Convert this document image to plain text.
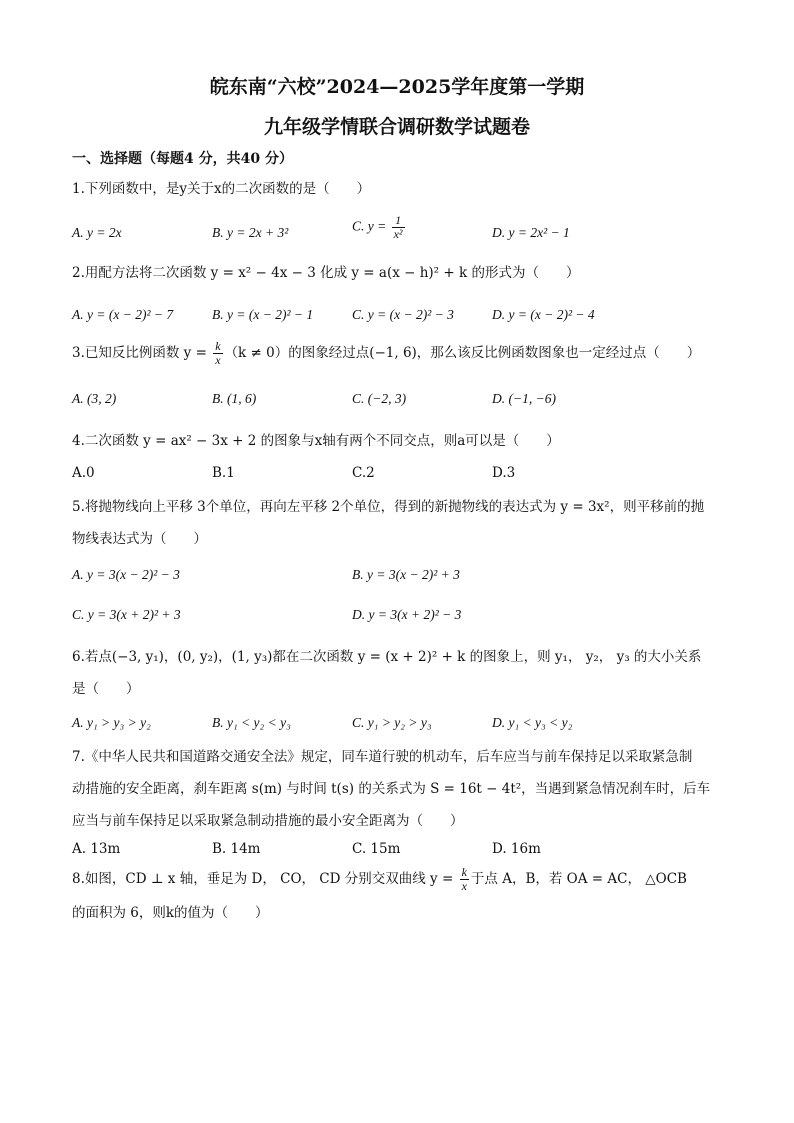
皖东南“六校”2024—2025学年度第一学期
九年级学情联合调研数学试题卷
一、选择题（每题4 分，共40 分）
1.下列函数中，是y关于x的二次函数的是（　　）
A. y = 2x	B. y = 2x + 3²	C. $y = \frac{1}{\text{x²}}$	D. y = 2x² − 1
2.用配方法将二次函数 y = x² − 4x − 3 化成 y = a(x − h)² + k 的形式为（　　）
A. y = (x − 2)² − 7	B. y = (x − 2)² − 1	C. y = (x − 2)² − 3	D. y = (x − 2)² − 4
3.已知反比例函数 $y = \frac{k}{x} (k \ne 0)$的图象经过点(−1, 6)，那么该反比例函数图象也一定经过点（　　）
A. (3, 2)	B. (1, 6)	C. (−2, 3)	D. (−1, −6)
4.二次函数 y = ax² − 3x + 2 的图象与x轴有两个不同交点，则a可以是（　　）
A.0	B.1	C.2	D.3
5.将抛物线向上平移 3个单位，再向左平移 2个单位，得到的新抛物线的表达式为 y = 3x²，则平移前的抛
物线表达式为（　　）
A. y = 3(x − 2)² − 3	B. y = 3(x − 2)² + 3
C. y = 3(x + 2)² + 3	D. y = 3(x + 2)² − 3
6.若点(−3, y₁)，(0, y₂)，(1, y₃)都在二次函数 y = (x + 2)² + k 的图象上，则 y₁， y₂， y₃ 的大小关系
是（　　）
A. y₁ > y₃ > y₂	B. y₁ < y₂ < y₃	C. y₁ > y₂ > y₃	D. y₁ < y₃ < y₂
7.《中华人民共和国道路交通安全法》规定，同车道行驶的机动车，后车应当与前车保持足以采取紧急制
动措施的安全距离，刹车距离 s(m) 与时间 t(s) 的关系式为 S = 16t − 4t²，当遇到紧急情况刹车时，后车
应当与前车保持足以采取紧急制动措施的最小安全距离为（　　）
A. 13m	B. 14m	C. 15m	D. 16m
8.如图，CD ⊥ x 轴，垂足为 D， CO， CD 分别交双曲线 $y = \frac{k}{x}$ 于点 A，B，若 OA = AC， △OCB
的面积为 6，则k的值为（　　）
